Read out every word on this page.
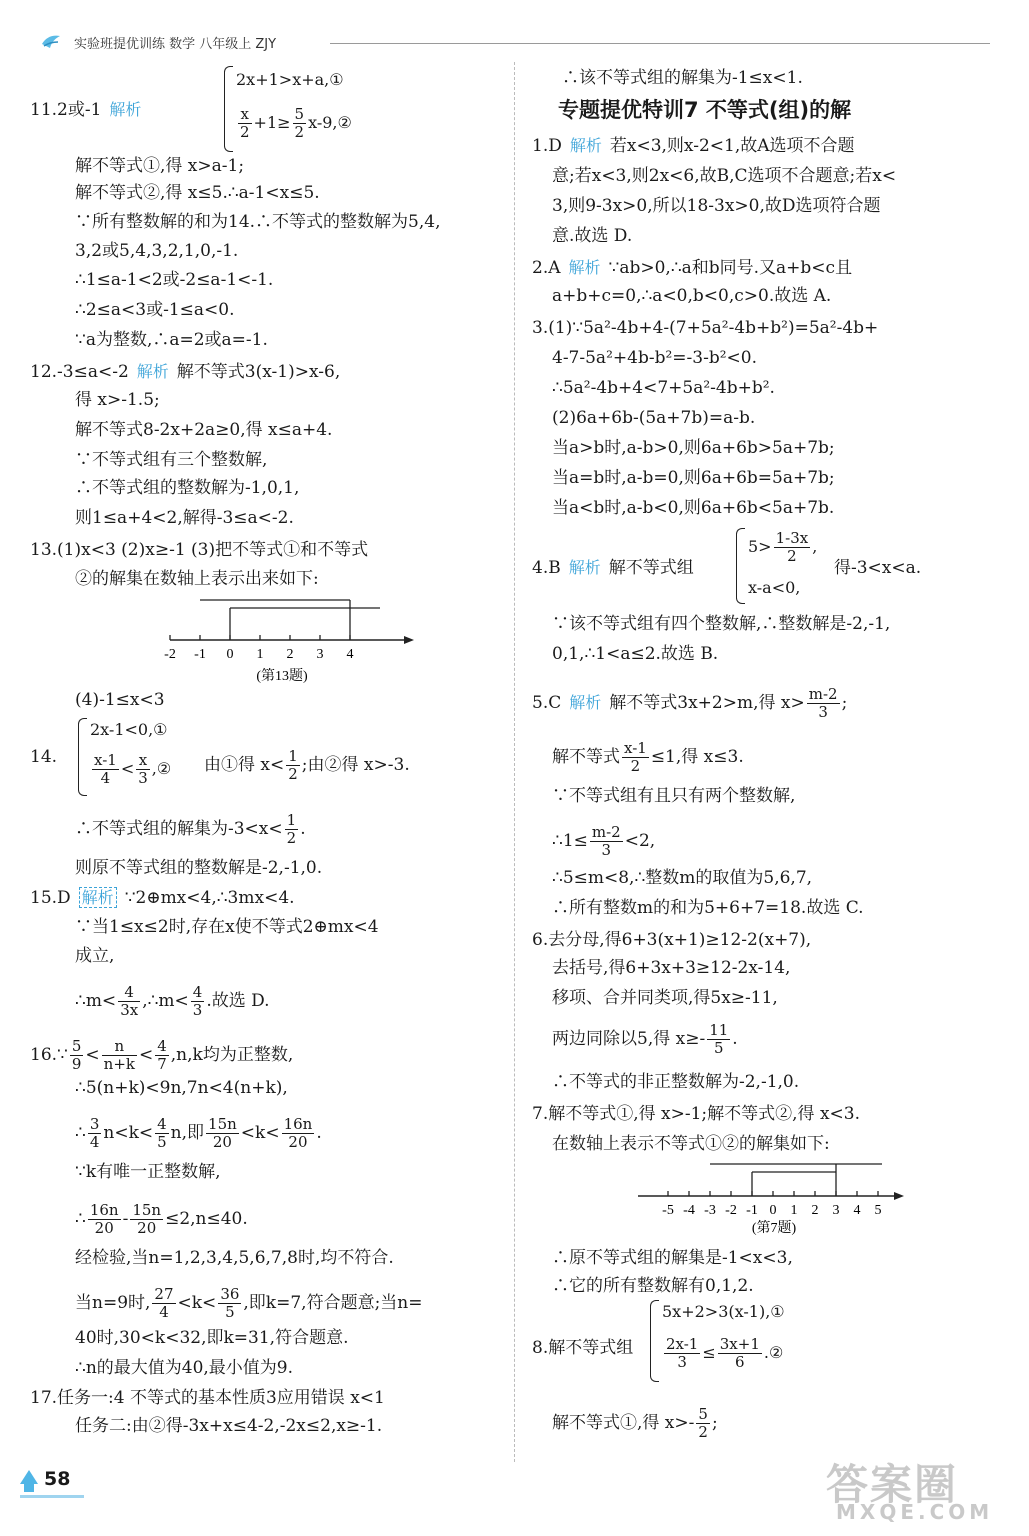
实验班提优训练 数学 八年级上 ZJY
11.2或-1 解析
2x+1>x+a,①
$\frac{x}{2} +1\ge \frac{5}{2}$ x-9,②
解不等式①,得 x>a-1;
解不等式②,得 x≤5.∴a-1<x≤5.
∵所有整数解的和为14.∴不等式的整数解为5,4,
3,2或5,4,3,2,1,0,-1.
∴1≤a-1<2或-2≤a-1<-1.
∴2≤a<3或-1≤a<0.
∵a为整数,∴a=2或a=-1.
12.-3≤a<-2 解析 解不等式3(x-1)>x-6,
得 x>-1.5;
解不等式8-2x+2a≥0,得 x≤a+4.
∵不等式组有三个整数解,
∴不等式组的整数解为-1,0,1,
则1≤a+4<2,解得-3≤a<-2.
13.(1)x<3 (2)x≥-1 (3)把不等式①和不等式
②的解集在数轴上表示出来如下:
-2 -1 0 1 2 3 4
(第13题)
(4)-1≤x<3
14.
2x-1<0,①
$\frac{x-1}{4} < \frac{x}{3}$ ,② 由①得 $x< \frac{1}{2}$ ;由②得 x>-3.
∴不等式组的解集为$-3<x< \frac{1}{2}$ .
则原不等式组的整数解是-2,-1,0.
15.D 解析 ∵2⊕mx<4,∴3mx<4.
∵当1≤x≤2时,存在x使不等式2⊕mx<4
成立,
∴m< $\frac{4}{3x}$ ,∴m< $\frac{4}{3}$ .故选 D.
16.∵ $\frac{5}{9} < \frac{n}{n+k} < \frac{4}{7} ,n,k$均为正整数,
∴5(n+k)<9n,7n<4(n+k),
∴ $\frac{3}{4} n<k< \frac{4}{5} n$,即 $\frac{15n}{20} <k< \frac{16n}{20}$ .
∵k有唯一正整数解,
∴ $\frac{16n}{20} - \frac{15n}{20} \le 2,n\le 40$.
经检验,当n=1,2,3,4,5,6,7,8时,均不符合.
当n=9时, $\frac{27}{4} <k< \frac{36}{5}$ ,即k=7,符合题意;当n=
40时,30<k<32,即k=31,符合题意.
∴n的最大值为40,最小值为9.
17.任务一:4 不等式的基本性质3应用错误 x<1
任务二:由②得-3x+x≤4-2,-2x≤2,x≥-1.
∴该不等式组的解集为-1≤x<1.
专题提优特训7 不等式(组)的解
1.D 解析 若x<3,则x-2<1,故A选项不合题
意;若x<3,则2x<6,故B,C选项不合题意;若x<
3,则9-3x>0,所以18-3x>0,故D选项符合题
意.故选 D.
2.A 解析 ∵ab>0,∴a和b同号.又a+b<c且
a+b+c=0,∴a<0,b<0,c>0.故选 A.
3.(1)∵5a²-4b+4-(7+5a²-4b+b²)=5a²-4b+
4-7-5a²+4b-b²=-3-b²<0.
∴5a²-4b+4<7+5a²-4b+b².
(2)6a+6b-(5a+7b)=a-b.
当a>b时,a-b>0,则6a+6b>5a+7b;
当a=b时,a-b=0,则6a+6b=5a+7b;
当a<b时,a-b<0,则6a+6b<5a+7b.
4.B 解析 解不等式组
$5> \frac{1-3x}{2}$ ,
x-a<0,
得-3<x<a.
∵该不等式组有四个整数解,∴整数解是-2,-1,
0,1,∴1<a≤2.故选 B.
5.C 解析 解不等式3x+2>m,得 $x> \frac{m-2}{3}$ ;
解不等式 $\frac{x-1}{2} \le 1$,得 x≤3.
∵不等式组有且只有两个整数解,
∴1≤ $\frac{m-2}{3} <2$,
∴5≤m<8,∴整数m的取值为5,6,7,
∴所有整数m的和为5+6+7=18.故选 C.
6.去分母,得6+3(x+1)≥12-2(x+7),
去括号,得6+3x+3≥12-2x-14,
移项、合并同类项,得5x≥-11,
两边同除以5,得 $x\ge- \frac{11}{5}$ .
∴不等式的非正整数解为-2,-1,0.
7.解不等式①,得 x>-1;解不等式②,得 x<3.
在数轴上表示不等式①②的解集如下:
-5 -4 -3 -2 -1 0 1 2 3 4 5
(第7题)
∴原不等式组的解集是-1<x<3,
∴它的所有整数解有0,1,2.
8.解不等式组
5x+2>3(x-1),①
$\frac{2x-1}{3} \le \frac{3x+1}{6}$ .②
解不等式①,得 $x>- \frac{5}{2}$ ;
58	答案圈
MXQE.COM
